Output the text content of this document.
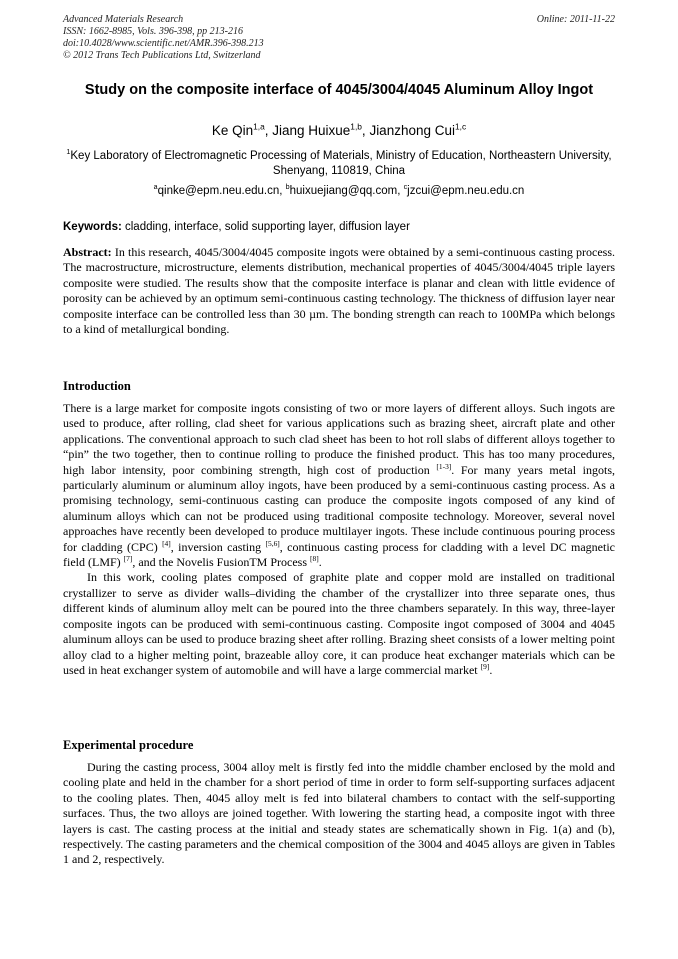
Advanced Materials Research
ISSN: 1662-8985, Vols. 396-398, pp 213-216
doi:10.4028/www.scientific.net/AMR.396-398.213
© 2012 Trans Tech Publications Ltd, Switzerland
Online: 2011-11-22
Study on the composite interface of 4045/3004/4045 Aluminum Alloy Ingot
Ke Qin$^{1,a}$, Jiang Huixue$^{1,b}$, Jianzhong Cui$^{1,c}$
$^1$Key Laboratory of Electromagnetic Processing of Materials, Ministry of Education, Northeastern University, Shenyang, 110819, China
$^a$qinke@epm.neu.edu.cn, $^b$huixuejiang@qq.com, $^c$jzcui@epm.neu.edu.cn
Keywords: cladding, interface, solid supporting layer, diffusion layer
Abstract: In this research, 4045/3004/4045 composite ingots were obtained by a semi-continuous casting process. The macrostructure, microstructure, elements distribution, mechanical properties of 4045/3004/4045 triple layers composite were studied. The results show that the composite interface is planar and clean with little evidence of porosity can be achieved by an optimum semi-continuous casting technology. The thickness of diffusion layer near composite interface can be controlled less than 30 µm. The bonding strength can reach to 100MPa which belongs to a kind of metallurgical bonding.
Introduction

There is a large market for composite ingots consisting of two or more layers of different alloys. Such ingots are used to produce, after rolling, clad sheet for various applications such as brazing sheet, aircraft plate and other applications. The conventional approach to such clad sheet has been to hot roll slabs of different alloys together to “pin” the two together, then to continue rolling to produce the finished product. This has too many procedures, high labor intensity, poor combining strength, high cost of production [1-3]. For many years metal ingots, particularly aluminum or aluminum alloy ingots, have been produced by a semi-continuous casting process. As a promising technology, semi-continuous casting can produce the composite ingots composed of any kind of aluminum alloys which can not be produced using traditional composite technology. Moreover, several novel approaches have recently been developed to produce multilayer ingots. These include continuous pouring process for cladding (CPC) [4], inversion casting [5,6], continuous casting process for cladding with a level DC magnetic field (LMF) [7], and the Novelis FusionTM Process [8].

In this work, cooling plates composed of graphite plate and copper mold are installed on traditional crystallizer to serve as divider walls–dividing the chamber of the crystallizer into three separate ones, thus different kinds of aluminum alloy melt can be poured into the three chambers separately. In this way, three-layer composite ingots can be produced with semi-continuous casting. Composite ingot composed of 3004 and 4045 aluminum alloys can be used to produce brazing sheet after rolling. Brazing sheet consists of a lower melting point alloy clad to a higher melting point, brazeable alloy core, it can produce heat exchanger materials which can be used in heat exchanger system of automobile and will have a large commercial market [9].

Experimental procedure

During the casting process, 3004 alloy melt is firstly fed into the middle chamber enclosed by the mold and cooling plate and held in the chamber for a short period of time in order to form self-supporting surfaces adjacent to the cooling plates. Then, 4045 alloy melt is fed into bilateral chambers to contact with the self-supporting surfaces. Thus, the two alloys are joined together. With lowering the starting head, a composite ingot with three layers is cast. The casting process at the initial and steady states are schematically shown in Fig. 1(a) and (b), respectively. The casting parameters and the chemical composition of the 3004 and 4045 alloys are given in Tables 1 and 2, respectively.
